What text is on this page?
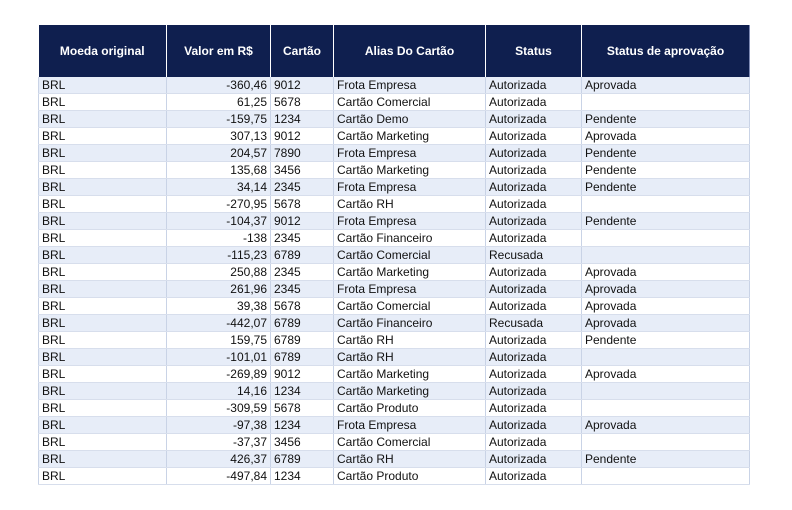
Moeda original	Valor em R$	Cartão	Alias Do Cartão	Status	Status de aprovação
BRL	-360,46	9012	Frota Empresa	Autorizada	Aprovada
BRL	61,25	5678	Cartão Comercial	Autorizada	
BRL	-159,75	1234	Cartão Demo	Autorizada	Pendente
BRL	307,13	9012	Cartão Marketing	Autorizada	Aprovada
BRL	204,57	7890	Frota Empresa	Autorizada	Pendente
BRL	135,68	3456	Cartão Marketing	Autorizada	Pendente
BRL	34,14	2345	Frota Empresa	Autorizada	Pendente
BRL	-270,95	5678	Cartão RH	Autorizada	
BRL	-104,37	9012	Frota Empresa	Autorizada	Pendente
BRL	-138	2345	Cartão Financeiro	Autorizada	
BRL	-115,23	6789	Cartão Comercial	Recusada	
BRL	250,88	2345	Cartão Marketing	Autorizada	Aprovada
BRL	261,96	2345	Frota Empresa	Autorizada	Aprovada
BRL	39,38	5678	Cartão Comercial	Autorizada	Aprovada
BRL	-442,07	6789	Cartão Financeiro	Recusada	Aprovada
BRL	159,75	6789	Cartão RH	Autorizada	Pendente
BRL	-101,01	6789	Cartão RH	Autorizada	
BRL	-269,89	9012	Cartão Marketing	Autorizada	Aprovada
BRL	14,16	1234	Cartão Marketing	Autorizada	
BRL	-309,59	5678	Cartão Produto	Autorizada	
BRL	-97,38	1234	Frota Empresa	Autorizada	Aprovada
BRL	-37,37	3456	Cartão Comercial	Autorizada	
BRL	426,37	6789	Cartão RH	Autorizada	Pendente
BRL	-497,84	1234	Cartão Produto	Autorizada	
